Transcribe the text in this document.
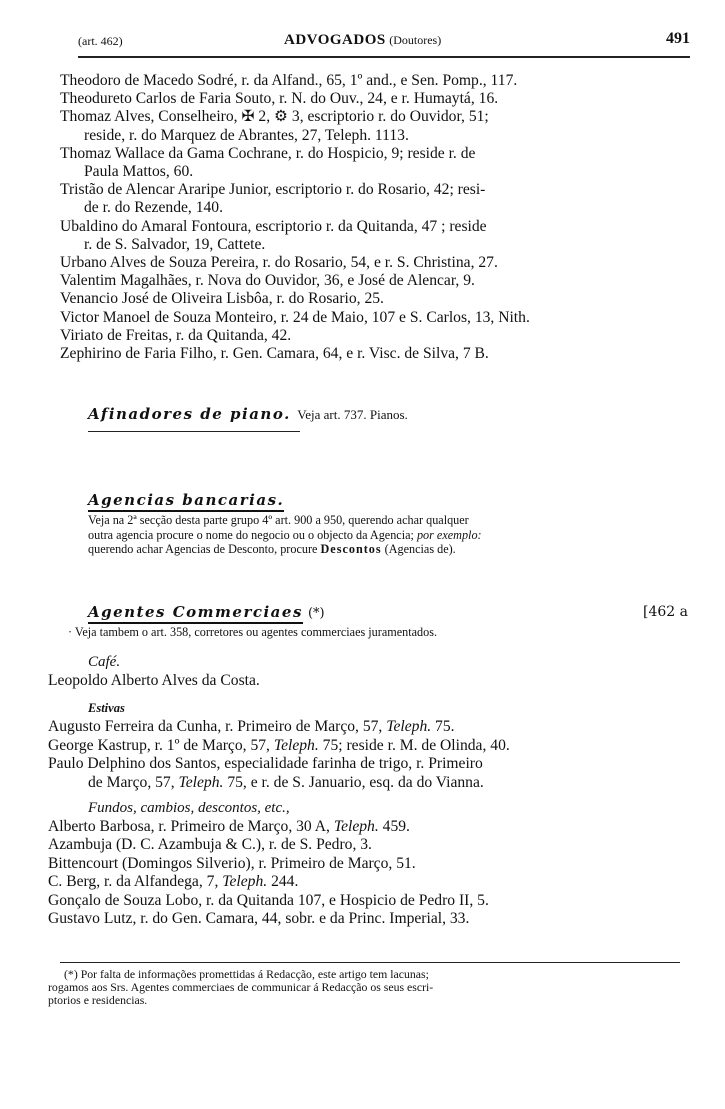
(art. 462)	ADVOGADOS (Doutores)	491
Theodoro de Macedo Sodré, r. da Alfand., 65, 1º and., e Sen. Pomp., 117.
Theodureto Carlos de Faria Souto, r. N. do Ouv., 24, e r. Humaytá, 16.
Thomaz Alves, Conselheiro, ✠ 2, ⚙ 3, escriptorio r. do Ouvidor, 51;
reside, r. do Marquez de Abrantes, 27, Teleph. 1113.
Thomaz Wallace da Gama Cochrane, r. do Hospicio, 9; reside r. de
Paula Mattos, 60.
Tristão de Alencar Araripe Junior, escriptorio r. do Rosario, 42; resi-
de r. do Rezende, 140.
Ubaldino do Amaral Fontoura, escriptorio r. da Quitanda, 47 ; reside
r. de S. Salvador, 19, Cattete.
Urbano Alves de Souza Pereira, r. do Rosario, 54, e r. S. Christina, 27.
Valentim Magalhães, r. Nova do Ouvidor, 36, e José de Alencar, 9.
Venancio José de Oliveira Lisbôa, r. do Rosario, 25.
Victor Manoel de Souza Monteiro, r. 24 de Maio, 107 e S. Carlos, 13, Nith.
Viriato de Freitas, r. da Quitanda, 42.
Zephirino de Faria Filho, r. Gen. Camara, 64, e r. Visc. de Silva, 7 B.
Afinadores de piano. Veja art. 737. Pianos.
Agencias bancarias.
Veja na 2ª secção desta parte grupo 4º art. 900 a 950, querendo achar qualquer
outra agencia procure o nome do negocio ou o objecto da Agencia; por exemplo:
querendo achar Agencias de Desconto, procure Descontos (Agencias de).
Agentes Commerciaes (*)	[462 a
· Veja tambem o art. 358, corretores ou agentes commerciaes juramentados.
Café.
Leopoldo Alberto Alves da Costa.
Estivas
Augusto Ferreira da Cunha, r. Primeiro de Março, 57, Teleph. 75.
George Kastrup, r. 1º de Março, 57, Teleph. 75; reside r. M. de Olinda, 40.
Paulo Delphino dos Santos, especialidade farinha de trigo, r. Primeiro
de Março, 57, Teleph. 75, e r. de S. Januario, esq. da do Vianna.
Fundos, cambios, descontos, etc.,
Alberto Barbosa, r. Primeiro de Março, 30 A, Teleph. 459.
Azambuja (D. C. Azambuja & C.), r. de S. Pedro, 3.
Bittencourt (Domingos Silverio), r. Primeiro de Março, 51.
C. Berg, r. da Alfandega, 7, Teleph. 244.
Gonçalo de Souza Lobo, r. da Quitanda 107, e Hospicio de Pedro II, 5.
Gustavo Lutz, r. do Gen. Camara, 44, sobr. e da Princ. Imperial, 33.
(*) Por falta de informações promettidas á Redacção, este artigo tem lacunas;
rogamos aos Srs. Agentes commerciaes de communicar á Redacção os seus escri-
ptorios e residencias.
